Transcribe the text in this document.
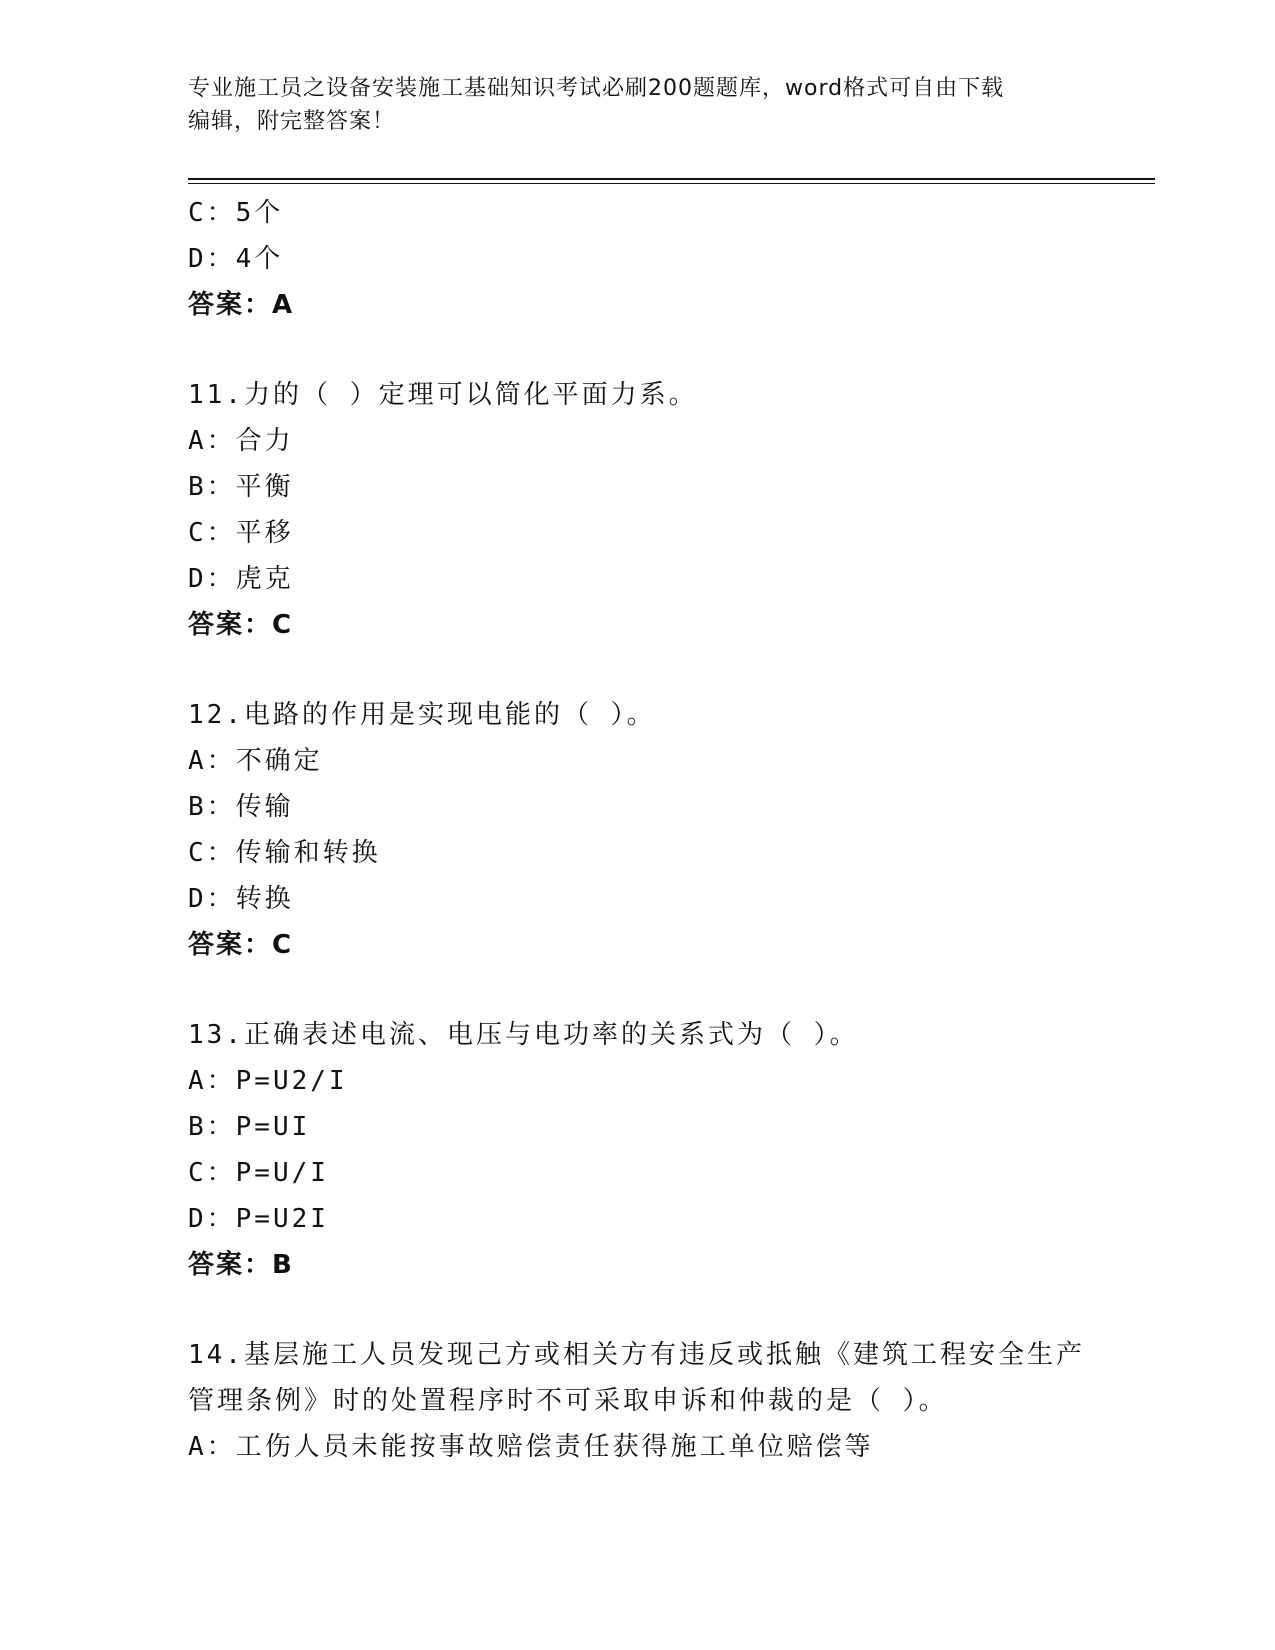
专业施工员之设备安装施工基础知识考试必刷200题题库，word格式可自由下载
编辑，附完整答案！
C：5个
D：4个
答案：A
11.力的（ ）定理可以简化平面力系。
A：合力
B：平衡
C：平移
D：虎克
答案：C
12.电路的作用是实现电能的（ ）。
A：不确定
B：传输
C：传输和转换
D：转换
答案：C
13.正确表述电流、电压与电功率的关系式为（ ）。
A：P=U2/I
B：P=UI
C：P=U/I
D：P=U2I
答案：B
14.基层施工人员发现己方或相关方有违反或抵触《建筑工程安全生产
管理条例》时的处置程序时不可采取申诉和仲裁的是（ ）。
A：工伤人员未能按事故赔偿责任获得施工单位赔偿等
